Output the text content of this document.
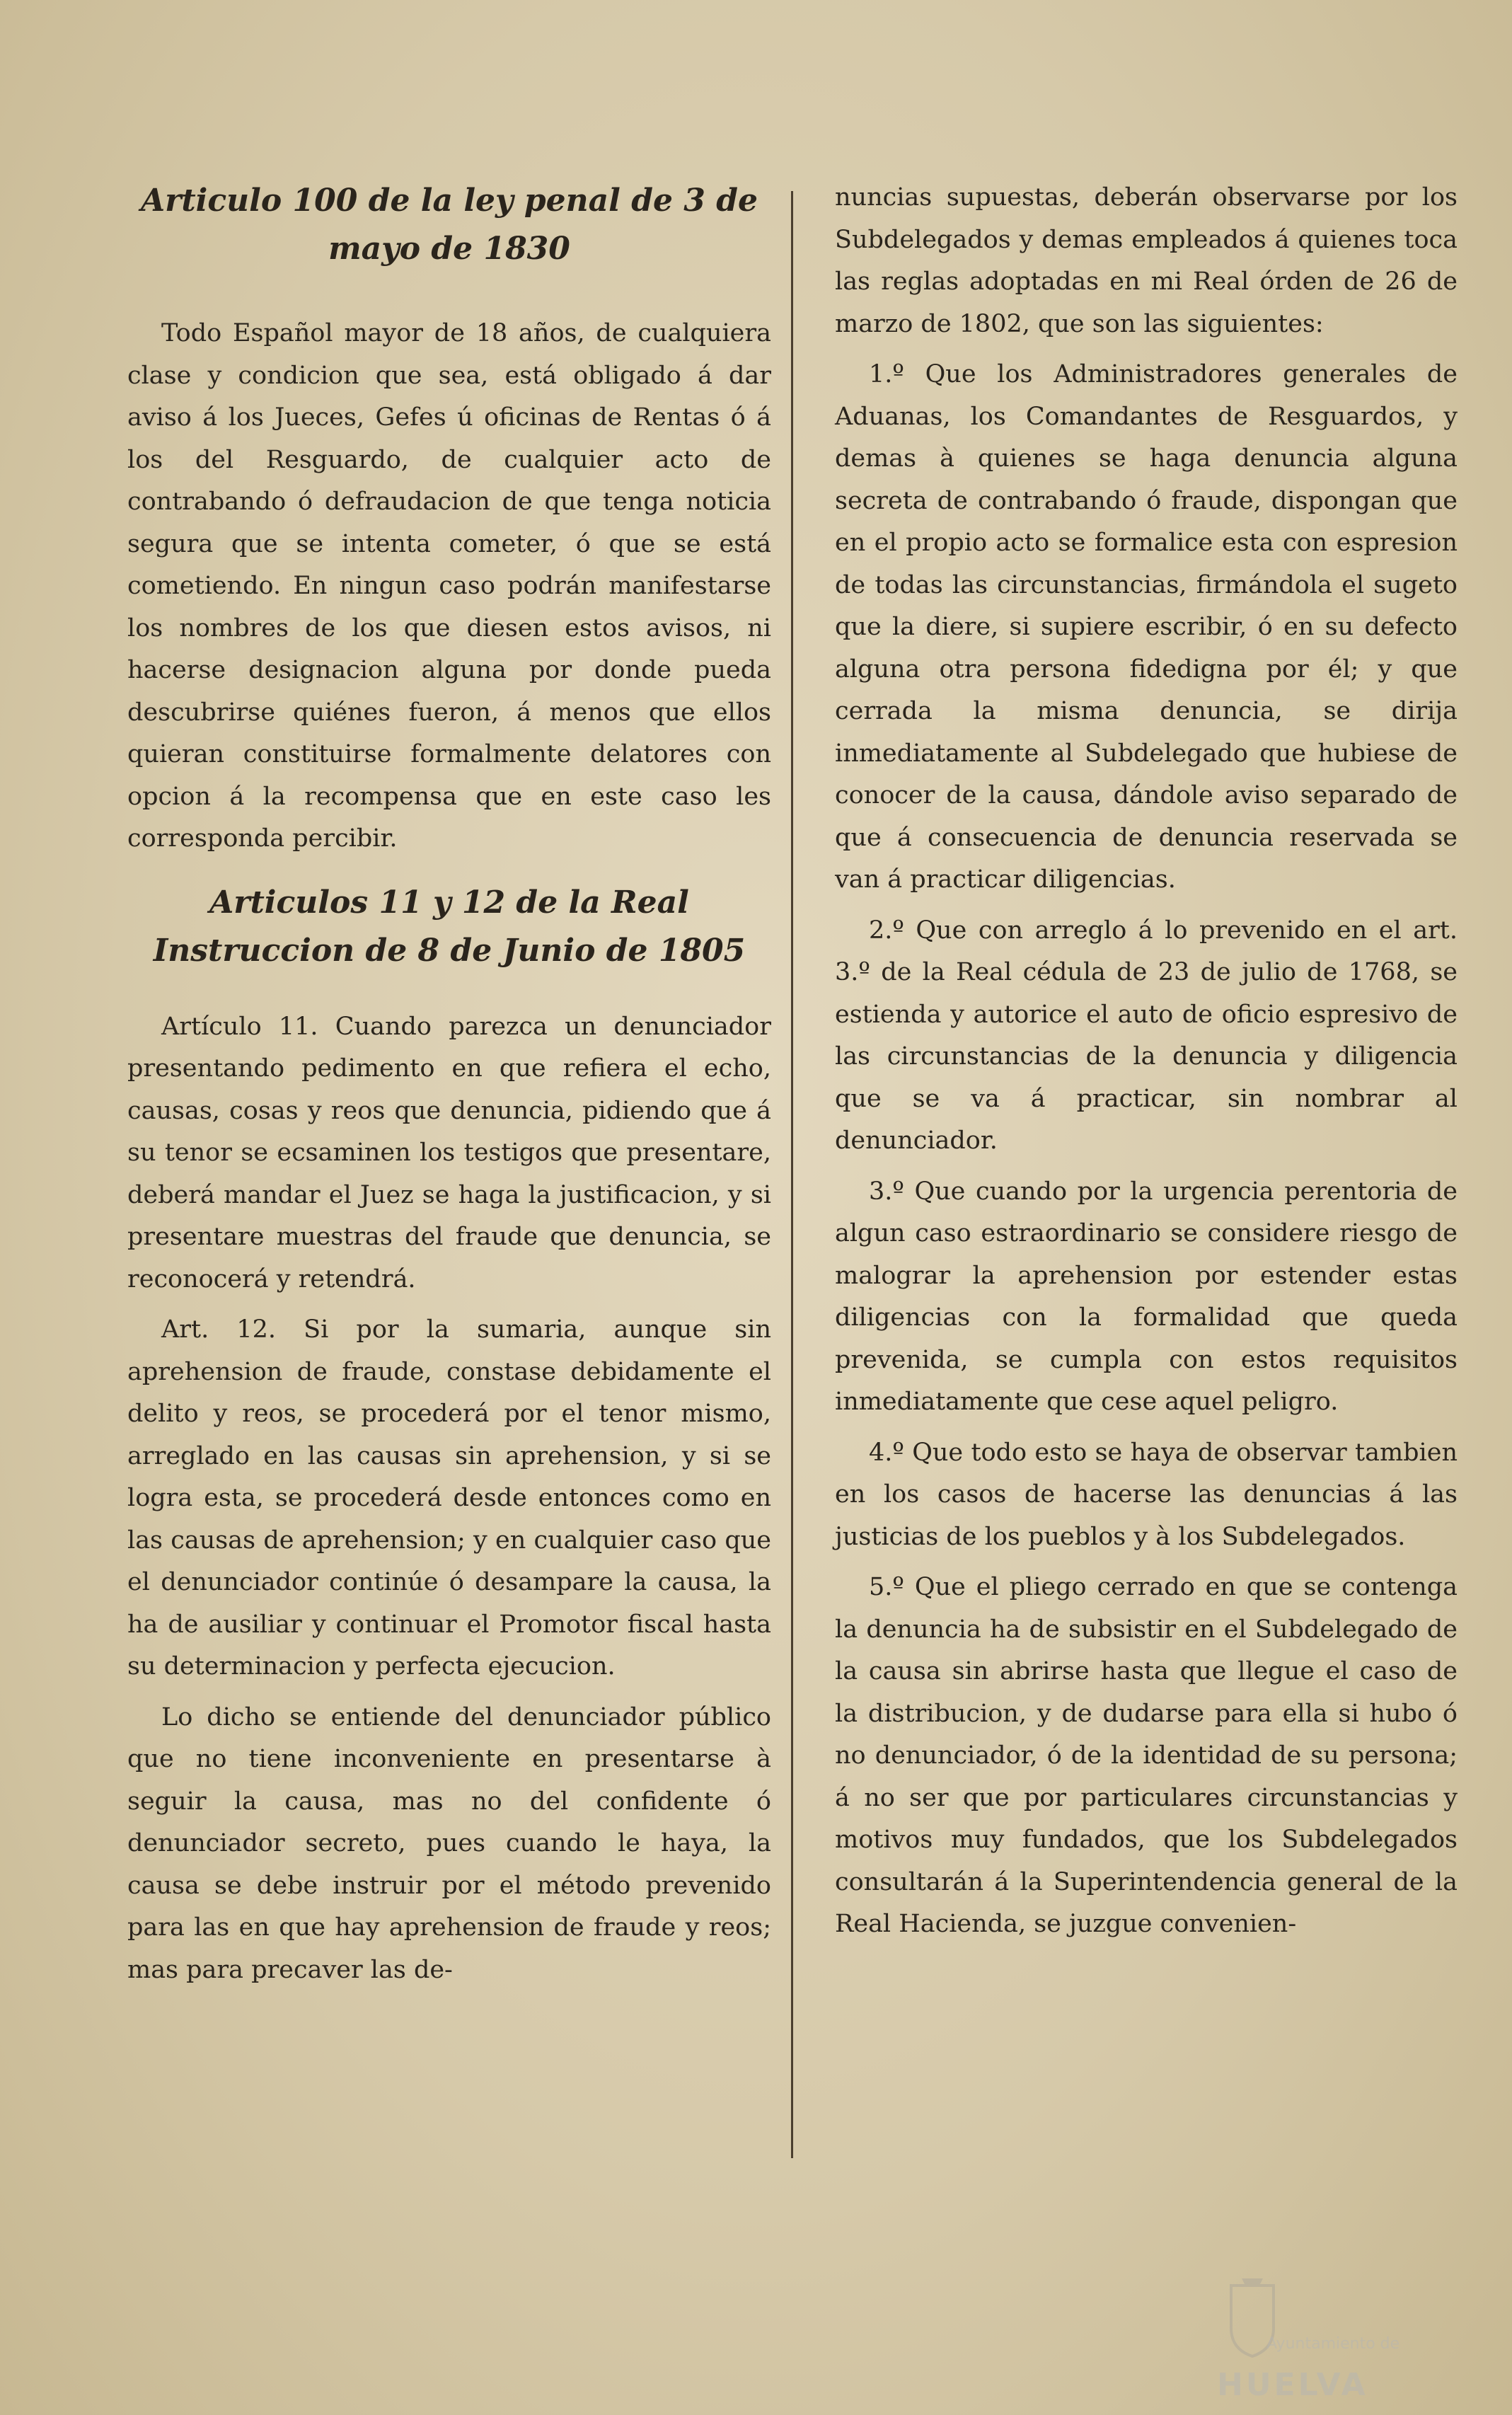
Articulo 100 de la ley penal de 3 de mayo de 1830

Todo Español mayor de 18 años, de cualquiera clase y condicion que sea, está obligado á dar aviso á los Jueces, Gefes ú oficinas de Rentas ó á los del Resguardo, de cualquier acto de contrabando ó defraudacion de que tenga noticia segura que se intenta cometer, ó que se está cometiendo. En ningun caso podrán manifestarse los nombres de los que diesen estos avisos, ni hacerse designacion alguna por donde pueda descubrirse quiénes fueron, á menos que ellos quieran constituirse formalmente delatores con opcion á la recompensa que en este caso les corresponda percibir.

Articulos 11 y 12 de la Real Instruccion de 8 de Junio de 1805

Artículo 11. Cuando parezca un denunciador presentando pedimento en que refiera el echo, causas, cosas y reos que denuncia, pidiendo que á su tenor se ecsaminen los testigos que presentare, deberá mandar el Juez se haga la justificacion, y si presentare muestras del fraude que denuncia, se reconocerá y retendrá.

Art. 12. Si por la sumaria, aunque sin aprehension de fraude, constase debidamente el delito y reos, se procederá por el tenor mismo, arreglado en las causas sin aprehension, y si se logra esta, se procederá desde entonces como en las causas de aprehension; y en cualquier caso que el denunciador continúe ó desampare la causa, la ha de ausiliar y continuar el Promotor fiscal hasta su determinacion y perfecta ejecucion.

Lo dicho se entiende del denunciador público que no tiene inconveniente en presentarse à seguir la causa, mas no del confidente ó denunciador secreto, pues cuando le haya, la causa se debe instruir por el método prevenido para las en que hay aprehension de fraude y reos; mas para precaver las de-

nuncias supuestas, deberán observarse por los Subdelegados y demas empleados á quienes toca las reglas adoptadas en mi Real órden de 26 de marzo de 1802, que son las siguientes:

1.º Que los Administradores generales de Aduanas, los Comandantes de Resguardos, y demas à quienes se haga denuncia alguna secreta de contrabando ó fraude, dispongan que en el propio acto se formalice esta con espresion de todas las circunstancias, firmándola el sugeto que la diere, si supiere escribir, ó en su defecto alguna otra persona fidedigna por él; y que cerrada la misma denuncia, se dirija inmediatamente al Subdelegado que hubiese de conocer de la causa, dándole aviso separado de que á consecuencia de denuncia reservada se van á practicar diligencias.

2.º Que con arreglo á lo prevenido en el art. 3.º de la Real cédula de 23 de julio de 1768, se estienda y autorice el auto de oficio espresivo de las circunstancias de la denuncia y diligencia que se va á practicar, sin nombrar al denunciador.

3.º Que cuando por la urgencia perentoria de algun caso estraordinario se considere riesgo de malograr la aprehension por estender estas diligencias con la formalidad que queda prevenida, se cumpla con estos requisitos inmediatamente que cese aquel peligro.

4.º Que todo esto se haya de observar tambien en los casos de hacerse las denuncias á las justicias de los pueblos y à los Subdelegados.

5.º Que el pliego cerrado en que se contenga la denuncia ha de subsistir en el Subdelegado de la causa sin abrirse hasta que llegue el caso de la distribucion, y de dudarse para ella si hubo ó no denunciador, ó de la identidad de su persona; á no ser que por particulares circunstancias y motivos muy fundados, que los Subdelegados consultarán á la Superintendencia general de la Real Hacienda, se juzgue convenien-

Ayuntamiento de
HUELVA
